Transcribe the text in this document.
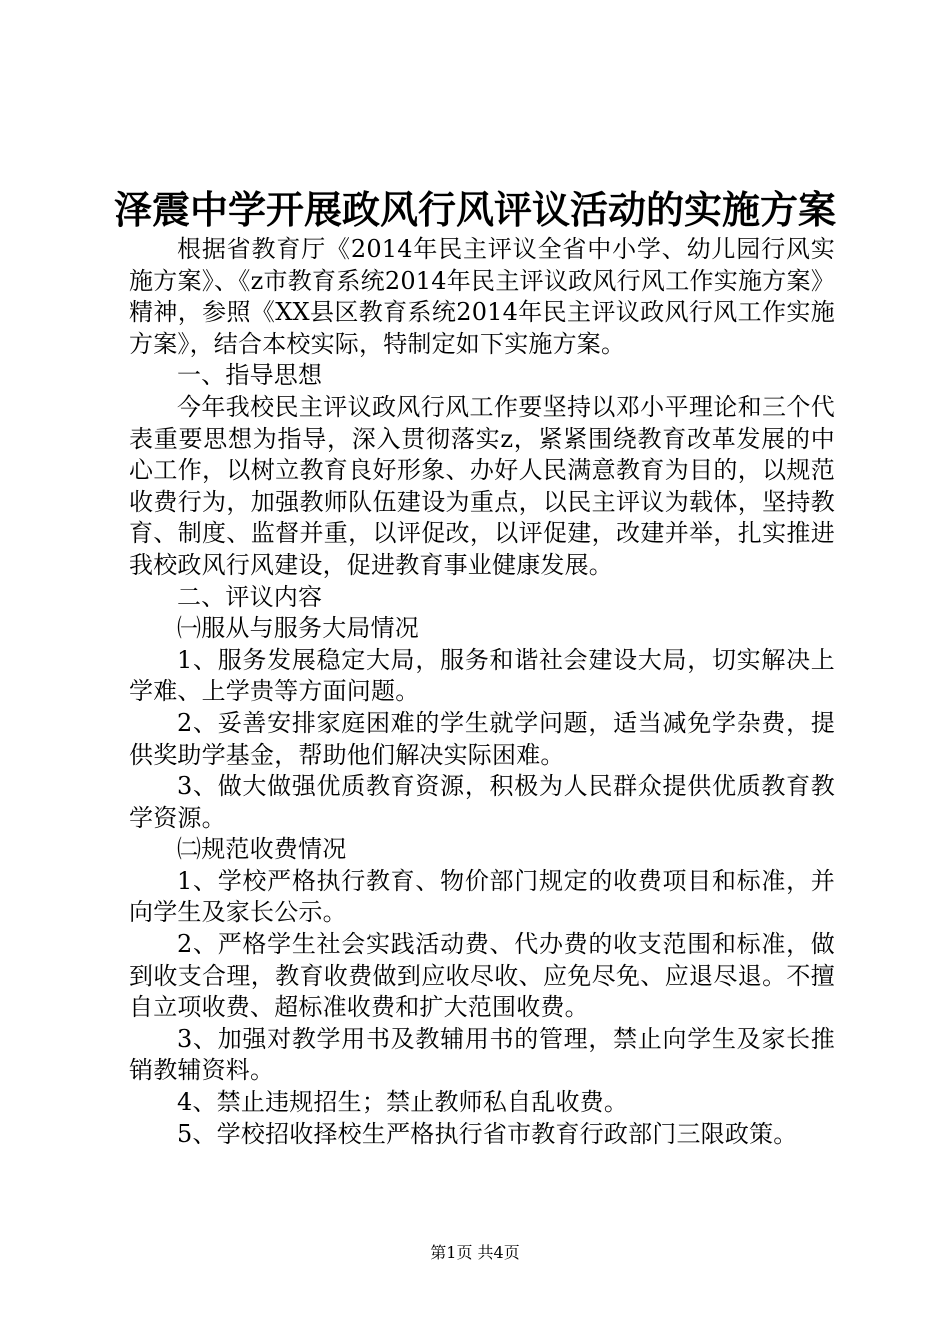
泽震中学开展政风行风评议活动的实施方案

根据省教育厅《2014年民主评议全省中小学、幼儿园行风实施方案》、《z市教育系统2014年民主评议政风行风工作实施方案》精神，参照《XX县区教育系统2014年民主评议政风行风工作实施方案》，结合本校实际，特制定如下实施方案。

一、指导思想

今年我校民主评议政风行风工作要坚持以邓小平理论和三个代表重要思想为指导，深入贯彻落实z，紧紧围绕教育改革发展的中心工作，以树立教育良好形象、办好人民满意教育为目的，以规范收费行为，加强教师队伍建设为重点，以民主评议为载体，坚持教育、制度、监督并重，以评促改，以评促建，改建并举，扎实推进我校政风行风建设，促进教育事业健康发展。

二、评议内容

㈠服从与服务大局情况

1、服务发展稳定大局，服务和谐社会建设大局，切实解决上学难、上学贵等方面问题。

2、妥善安排家庭困难的学生就学问题，适当减免学杂费，提供奖助学基金，帮助他们解决实际困难。

3、做大做强优质教育资源，积极为人民群众提供优质教育教学资源。

㈡规范收费情况

1、学校严格执行教育、物价部门规定的收费项目和标准，并向学生及家长公示。

2、严格学生社会实践活动费、代办费的收支范围和标准，做到收支合理，教育收费做到应收尽收、应免尽免、应退尽退。不擅自立项收费、超标准收费和扩大范围收费。

3、加强对教学用书及教辅用书的管理，禁止向学生及家长推销教辅资料。

4、禁止违规招生；禁止教师私自乱收费。

5、学校招收择校生严格执行省市教育行政部门三限政策。

第1页 共4页
